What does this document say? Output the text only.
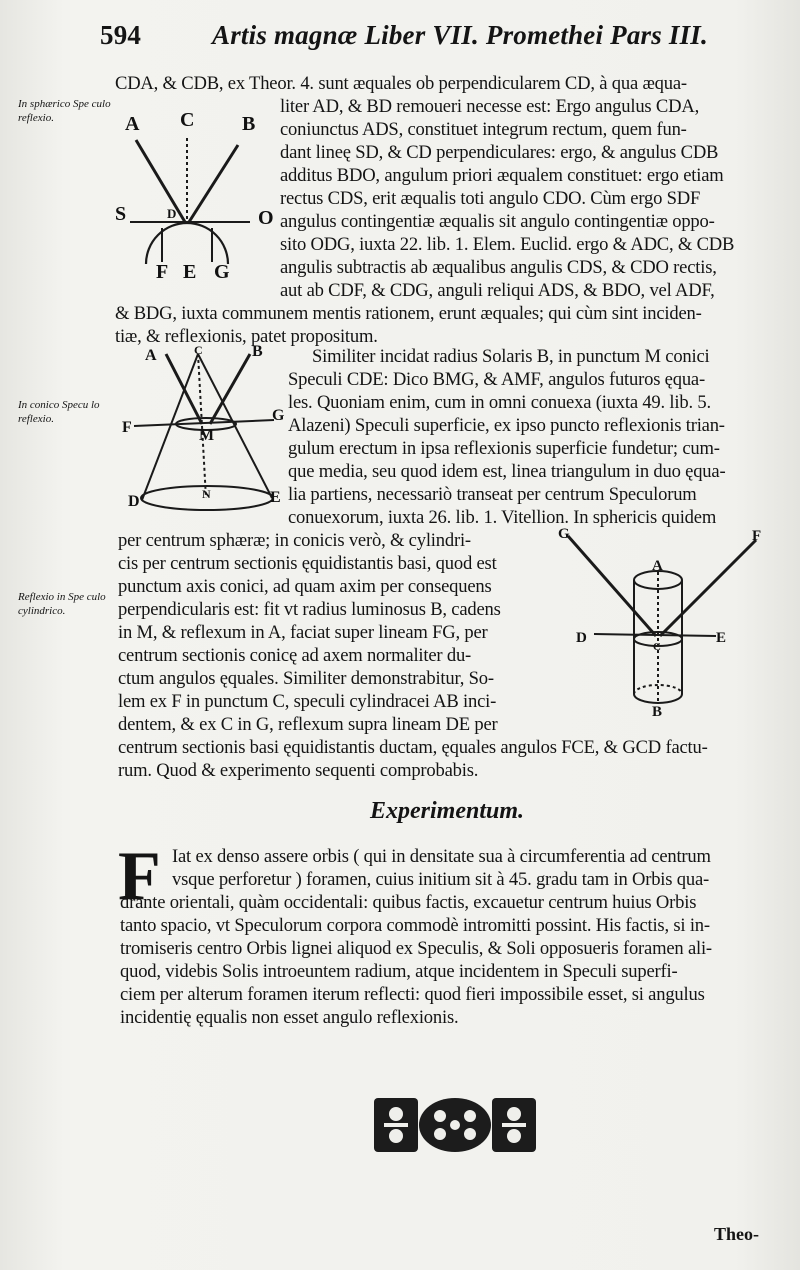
594	Artis magnæ Liber VII. Promethei Pars III.
In sphærico Spe culo reflexio.
In conico Specu lo reflexio.
Reflexio in Spe culo cylindrico.
A C B
S	D	O
F E G
A	C	B
F	M
G
D	N	E
G	F
A
D
C
E
B
CDA, & CDB, ex Theor. 4. sunt æquales ob perpendicularem CD, à qua æqua-
liter AD, & BD remoueri necesse est: Ergo angulus CDA,
coniunctus ADS, constituet integrum rectum, quem fun-
dant lineę SD, & CD perpendiculares: ergo, & angulus CDB
additus BDO, angulum priori æqualem constituet: ergo etiam
rectus CDS, erit æqualis toti angulo CDO. Cùm ergo SDF
angulus contingentiæ æqualis sit angulo contingentiæ oppo-
sito ODG, iuxta 22. lib. 1. Elem. Euclid. ergo & ADC, & CDB
angulis subtractis ab æqualibus angulis CDS, & CDO rectis,
aut ab CDF, & CDG, anguli reliqui ADS, & BDO, vel ADF,
& BDG, iuxta communem mentis rationem, erunt æquales; qui cùm sint inciden-
tiæ, & reflexionis, patet propositum.
Similiter incidat radius Solaris B, in punctum M conici
Speculi CDE: Dico BMG, & AMF, angulos futuros ęqua-
les. Quoniam enim, cum in omni conuexa (iuxta 49. lib. 5.
Alazeni) Speculi superficie, ex ipso puncto reflexionis trian-
gulum erectum in ipsa reflexionis superficie fundetur; cum-
que media, seu quod idem est, linea triangulum in duo ęqua-
lia partiens, necessariò transeat per centrum Speculorum
conuexorum, iuxta 26. lib. 1. Vitellion. In sphericis quidem
per centrum sphæræ; in conicis verò, & cylindri-
cis per centrum sectionis ęquidistantis basi, quod est
punctum axis conici, ad quam axim per consequens
perpendicularis est: fit vt radius luminosus B, cadens
in M, & reflexum in A, faciat super lineam FG, per
centrum sectionis conicę ad axem normaliter du-
ctum angulos ęquales. Similiter demonstrabitur, So-
lem ex F in punctum C, speculi cylindracei AB inci-
dentem, & ex C in G, reflexum supra lineam DE per
centrum sectionis basi ęquidistantis ductam, ęquales angulos FCE, & GCD factu-
rum. Quod & experimento sequenti comprobabis.
Experimentum.
F Iat ex denso assere orbis ( qui in densitate sua à circumferentia ad centrum
vsque perforetur ) foramen, cuius initium sit à 45. gradu tam in Orbis qua-
drante orientali, quàm occidentali: quibus factis, excauetur centrum huius Orbis
tanto spacio, vt Speculorum corpora commodè intromitti possint. His factis, si in-
tromiseris centro Orbis lignei aliquod ex Speculis, & Soli opposueris foramen ali-
quod, videbis Solis introeuntem radium, atque incidentem in Speculi superfi-
ciem per alterum foramen iterum reflecti: quod fieri impossibile esset, si angulus
incidentię ęqualis non esset angulo reflexionis.
Theo-
